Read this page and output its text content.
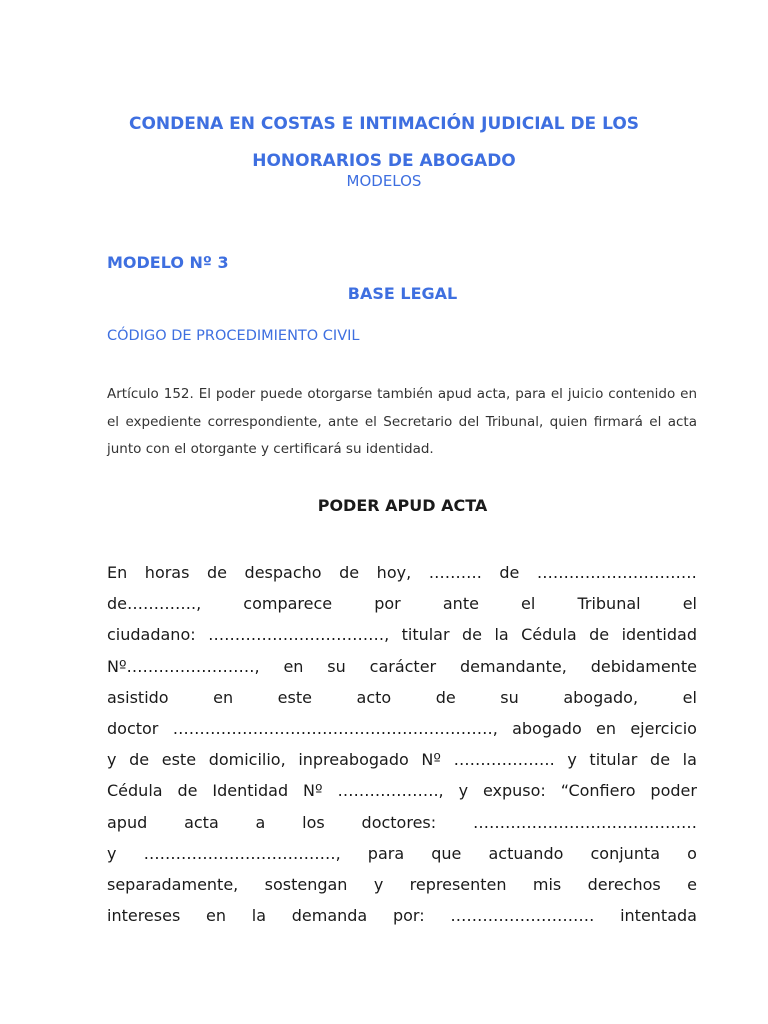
CONDENA EN COSTAS E INTIMACIÓN JUDICIAL DE LOS
HONORARIOS DE ABOGADO
MODELOS
MODELO Nº 3
BASE LEGAL
CÓDIGO DE PROCEDIMIENTO CIVIL
Artículo 152. El poder puede otorgarse también apud acta, para el juicio contenido en el expediente correspondiente, ante el Secretario del Tribunal, quien firmará el acta junto con el otorgante y certificará su identidad.
PODER APUD ACTA
En horas de despacho de hoy, ………. de …………………………
de………….,	comparece	por	ante	el	Tribunal	el
ciudadano: ……………………………, titular de la Cédula de identidad
Nº……………………, en su carácter demandante, debidamente
asistido	en	este	acto	de	su	abogado,	el
doctor ……………………………………………………, abogado en ejercicio
y de este domicilio, inpreabogado Nº ………………. y titular de la
Cédula de Identidad Nº ………………., y expuso: “Confiero poder
apud acta a los doctores: ……………………………………
y ………………………………, para que actuando conjunta o
separadamente, sostengan y representen mis derechos e
intereses en la demanda por: ……………………… intentada
